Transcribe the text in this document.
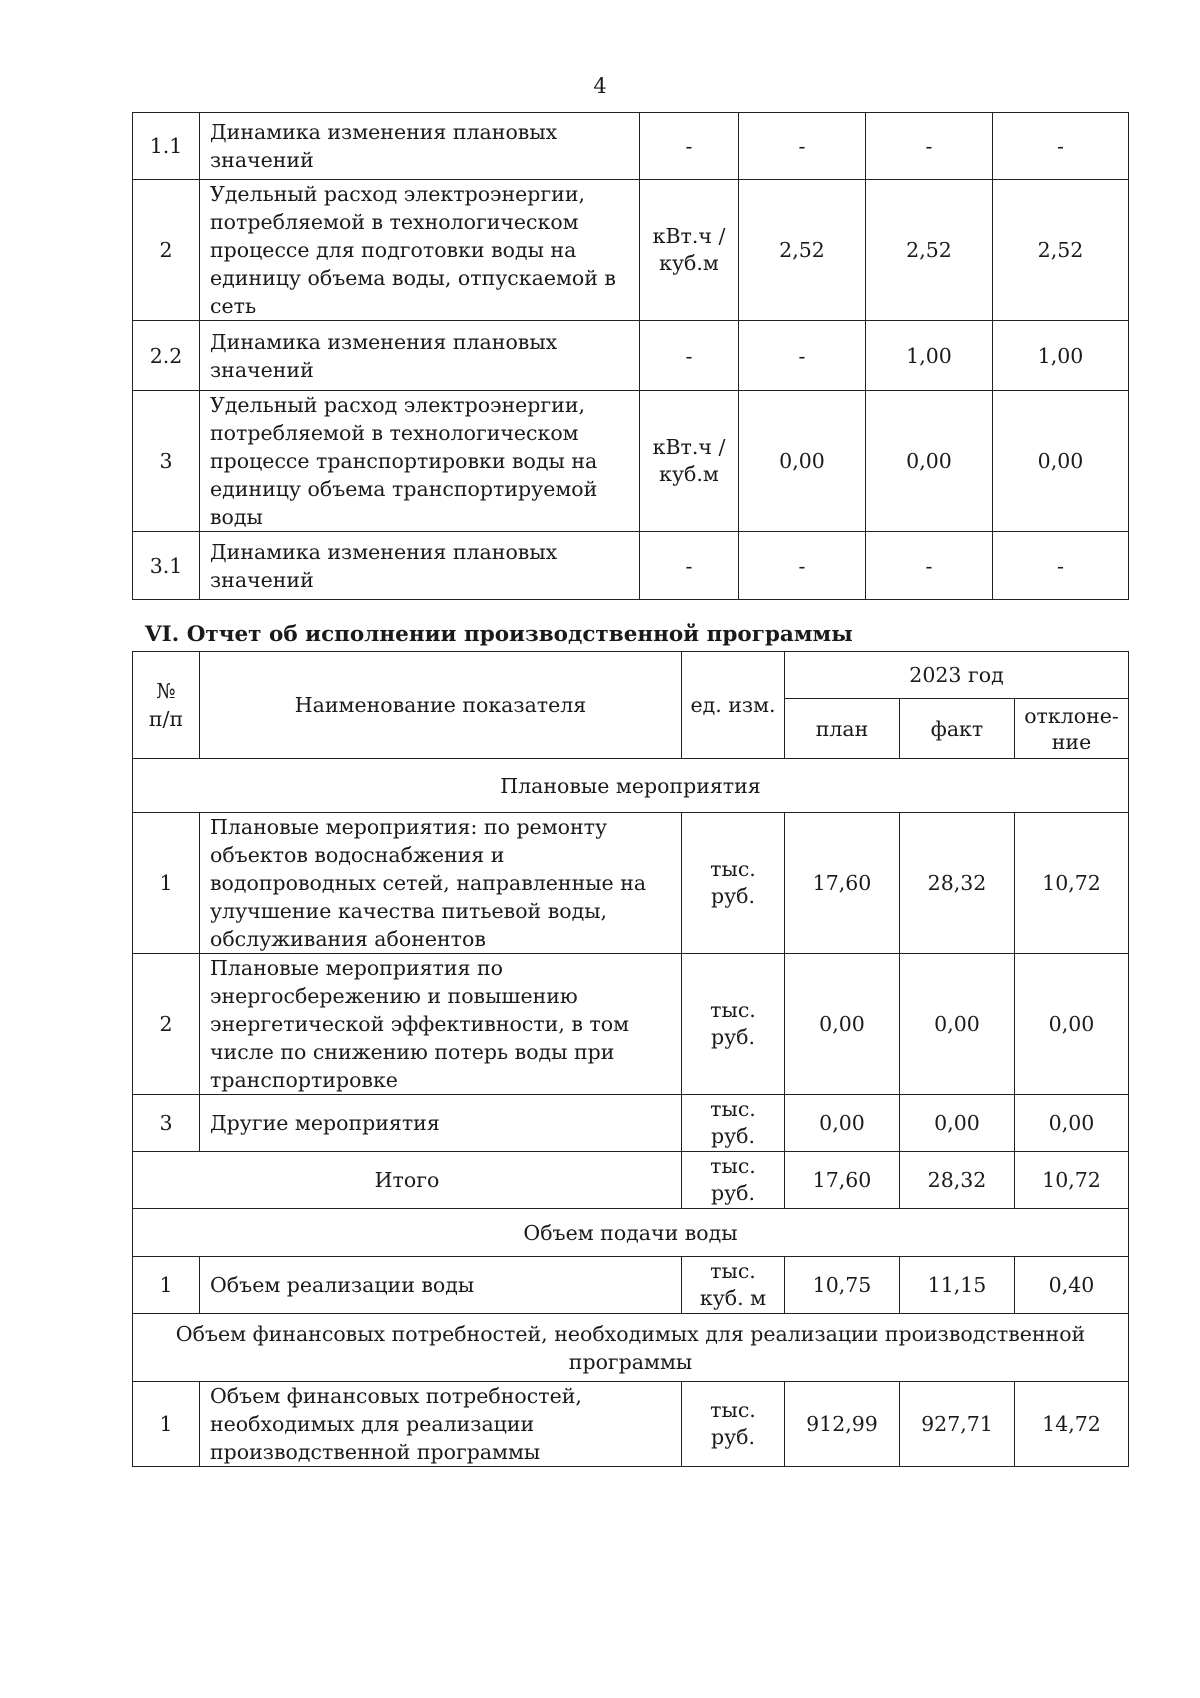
4
1.1	Динамика изменения плановых значений	-	-	-	-
2	Удельный расход электроэнергии, потребляемой в технологическом процессе для подготовки воды на единицу объема воды, отпускаемой в сеть	кВт.ч / куб.м	2,52	2,52	2,52
2.2	Динамика изменения плановых значений	-	-	1,00	1,00
3	Удельный расход электроэнергии, потребляемой в технологическом процессе транспортировки воды на единицу объема транспортируемой воды	кВт.ч / куб.м	0,00	0,00	0,00
3.1	Динамика изменения плановых значений	-	-	-	-
VI. Отчет об исполнении производственной программы
№ п/п	Наименование показателя	ед. изм.	2023 год		
			план	факт	отклоне-ние
Плановые мероприятия					
1	Плановые мероприятия: по ремонту объектов водоснабжения и водопроводных сетей, направленные на улучшение качества питьевой воды, обслуживания абонентов	тыс. руб.	17,60	28,32	10,72
2	Плановые мероприятия по энергосбережению и повышению энергетической эффективности, в том числе по снижению потерь воды при транспортировке	тыс. руб.	0,00	0,00	0,00
3	Другие мероприятия	тыс. руб.	0,00	0,00	0,00
Итого		тыс. руб.	17,60	28,32	10,72
Объем подачи воды					
1	Объем реализации воды	тыс. куб. м	10,75	11,15	0,40
Объем финансовых потребностей, необходимых для реализации производственной программы					
1	Объем финансовых потребностей, необходимых для реализации производственной программы	тыс. руб.	912,99	927,71	14,72
